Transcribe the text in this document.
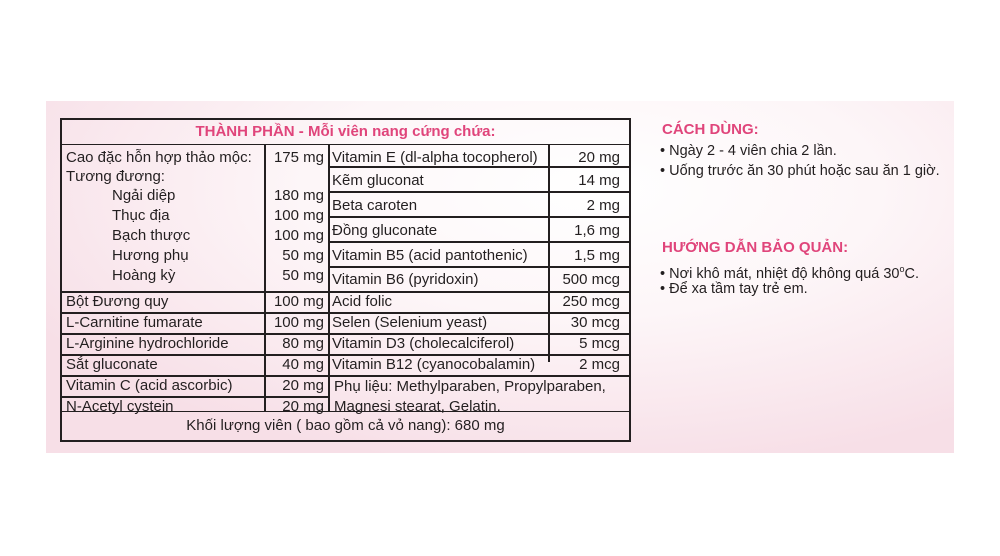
THÀNH PHẦN - Mỗi viên nang cứng chứa:
Cao đặc hỗn hợp thảo mộc:	175 mg
Tương đương:
Ngải diệp	180 mg
Thục địa	100 mg
Bạch thược	100 mg
Hương phụ	50 mg
Hoàng kỳ	50 mg
Bột Đương quy	100 mg
L-Carnitine fumarate	100 mg
L-Arginine hydrochloride	80 mg
Sắt gluconate	40 mg
Vitamin C (acid ascorbic)	20 mg
N-Acetyl cystein	20 mg
Vitamin E (dl-alpha tocopherol)	20 mg
Kẽm gluconat	14 mg
Beta caroten	2 mg
Đồng gluconate	1,6 mg
Vitamin B5 (acid pantothenic)	1,5 mg
Vitamin B6 (pyridoxin)	500 mcg
Acid folic	250 mcg
Selen (Selenium yeast)	30 mcg
Vitamin D3 (cholecalciferol)	5 mcg
Vitamin B12 (cyanocobalamin)	2 mcg
Phụ liệu: Methylparaben, Propylparaben,
Magnesi stearat, Gelatin.
Khối lượng viên ( bao gồm cả vỏ nang): 680 mg
CÁCH DÙNG:
• Ngày 2 - 4 viên chia 2 lần.
• Uống trước ăn 30 phút hoặc sau ăn 1 giờ.
HƯỚNG DẪN BẢO QUẢN:
• Nơi khô mát, nhiệt độ không quá 30$^o$C.
• Để xa tầm tay trẻ em.
